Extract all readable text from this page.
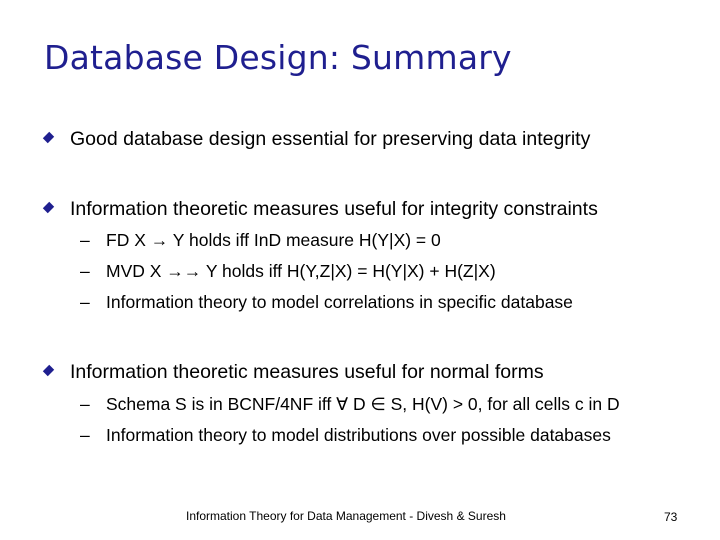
Database Design: Summary
Good database design essential for preserving data integrity
Information theoretic measures useful for integrity constraints
– FD X → Y holds iff InD measure H(Y|X) = 0
– MVD X →→ Y holds iff H(Y,Z|X) = H(Y|X) + H(Z|X)
– Information theory to model correlations in specific database
Information theoretic measures useful for normal forms
– Schema S is in BCNF/4NF iff ∀ D ∈ S, H(V) > 0, for all cells c in D
– Information theory to model distributions over possible databases
Information Theory for Data Management - Divesh & Suresh	73
